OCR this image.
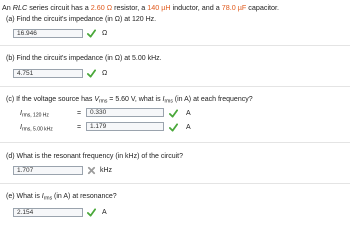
An RLC series circuit has a 2.60 Ω resistor, a 140 µH inductor, and a 78.0 µF capacitor.
(a) Find the circuit's impedance (in Ω) at 120 Hz.
16.946	Ω
(b) Find the circuit's impedance (in Ω) at 5.00 kHz.
4.751	Ω
(c) If the voltage source has $V_{rms} = 5.60$ V, what is $I_{rms}$ (in A) at each frequency?
$I_{rms, 120 Hz}$	=	0.330	A
$I_{rms, 5.00 kHz}$	=	1.179	A
(d) What is the resonant frequency (in kHz) of the circuit?
1.707	kHz
(e) What is $I_{rms}$ (in A) at resonance?
2.154	A
